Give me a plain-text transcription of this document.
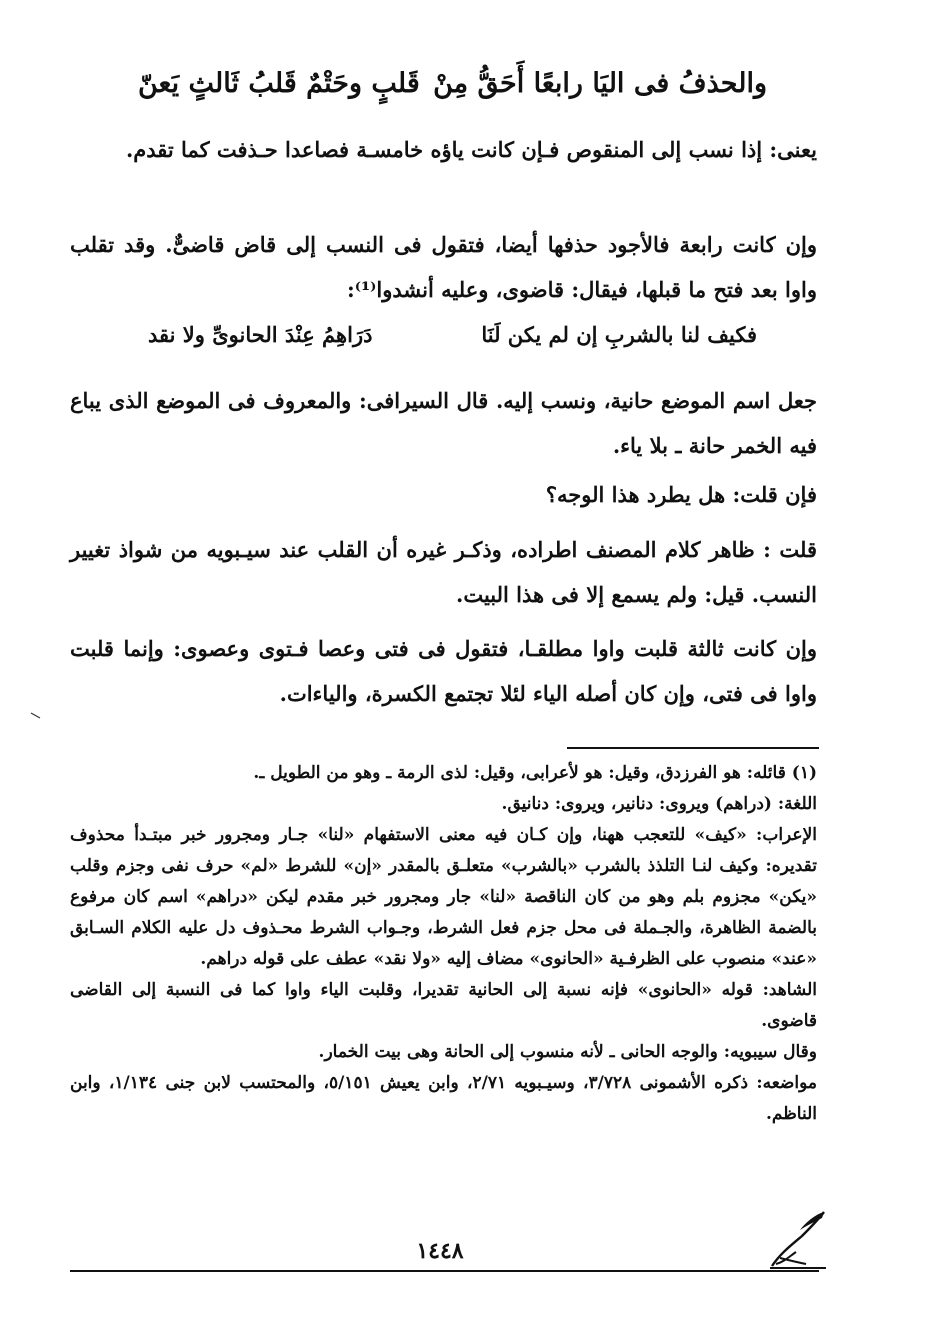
والحذفُ فى اليَا رابعًا أَحَقُّ مِنْ
قَلبٍ وحَتْمٌ قَلبُ ثَالثٍ يَعنّ

يعنى: إذا نسب إلى المنقوص فـإن كانت ياؤه خامسـة فصاعدا حـذفت كما تقدم.

وإن كانت رابعة فالأجود حذفها أيضا، فتقول فى النسب إلى قاض قاضىٌّ. وقد تقلب واوا بعد فتح ما قبلها، فيقال: قاضوى، وعليه أنشدوا⁽¹⁾:

فكيف لنا بالشربِ إن لم يكن لَنَا
دَرَاهِمُ عِنْدَ الحانوىِّ ولا نقد

جعل اسم الموضع حانية، ونسب إليه. قال السيرافى: والمعروف فى الموضع الذى يباع فيه الخمر حانة ـ بلا ياء.

فإن قلت: هل يطرد هذا الوجه؟

قلت : ظاهر كلام المصنف اطراده، وذكـر غيره أن القلب عند سيـبويه من شواذ تغيير النسب. قيل: ولم يسمع إلا فى هذا البيت.

وإن كانت ثالثة قلبت واوا مطلقـا، فتقول فى فتى وعصا فـتوى وعصوى: وإنما قلبت واوا فى فتى، وإن كان أصله الياء لئلا تجتمع الكسرة، والياءات.

(١) قائله: هو الفرزدق، وقيل: هو لأعرابى، وقيل: لذى الرمة ـ وهو من الطويل ـ.

اللغة: (دراهم) ويروى: دنانير، ويروى: دنانيق.

الإعراب: «كيف» للتعجب ههنا، وإن كـان فيه معنى الاستفهام «لنا» جـار ومجرور خبر مبتـدأ محذوف تقديره: وكيف لنـا التلذذ بالشرب «بالشرب» متعلـق بالمقدر «إن» للشرط «لم» حرف نفى وجزم وقلب «يكن» مجزوم بلم وهو من كان الناقصة «لنا» جار ومجرور خبر مقدم ليكن «دراهم» اسم كان مرفوع بالضمة الظاهرة، والجـملة فى محل جزم فعل الشرط، وجـواب الشرط محـذوف دل عليه الكلام السـابق «عند» منصوب على الظرفـية «الحانوى» مضاف إليه «ولا نقد» عطف على قوله دراهم.

الشاهد: قوله «الحانوى» فإنه نسبة إلى الحانية تقديرا، وقلبت الياء واوا كما فى النسبة إلى القاضى قاضوى.

وقال سيبويه: والوجه الحانى ـ لأنه منسوب إلى الحانة وهى بيت الخمار.

مواضعه: ذكره الأشمونى ٣/٧٢٨، وسيـبويه ٢/٧١، وابن يعيش ٥/١٥١، والمحتسب لابن جنى ١/١٣٤، وابن الناظم.

١٤٤٨
